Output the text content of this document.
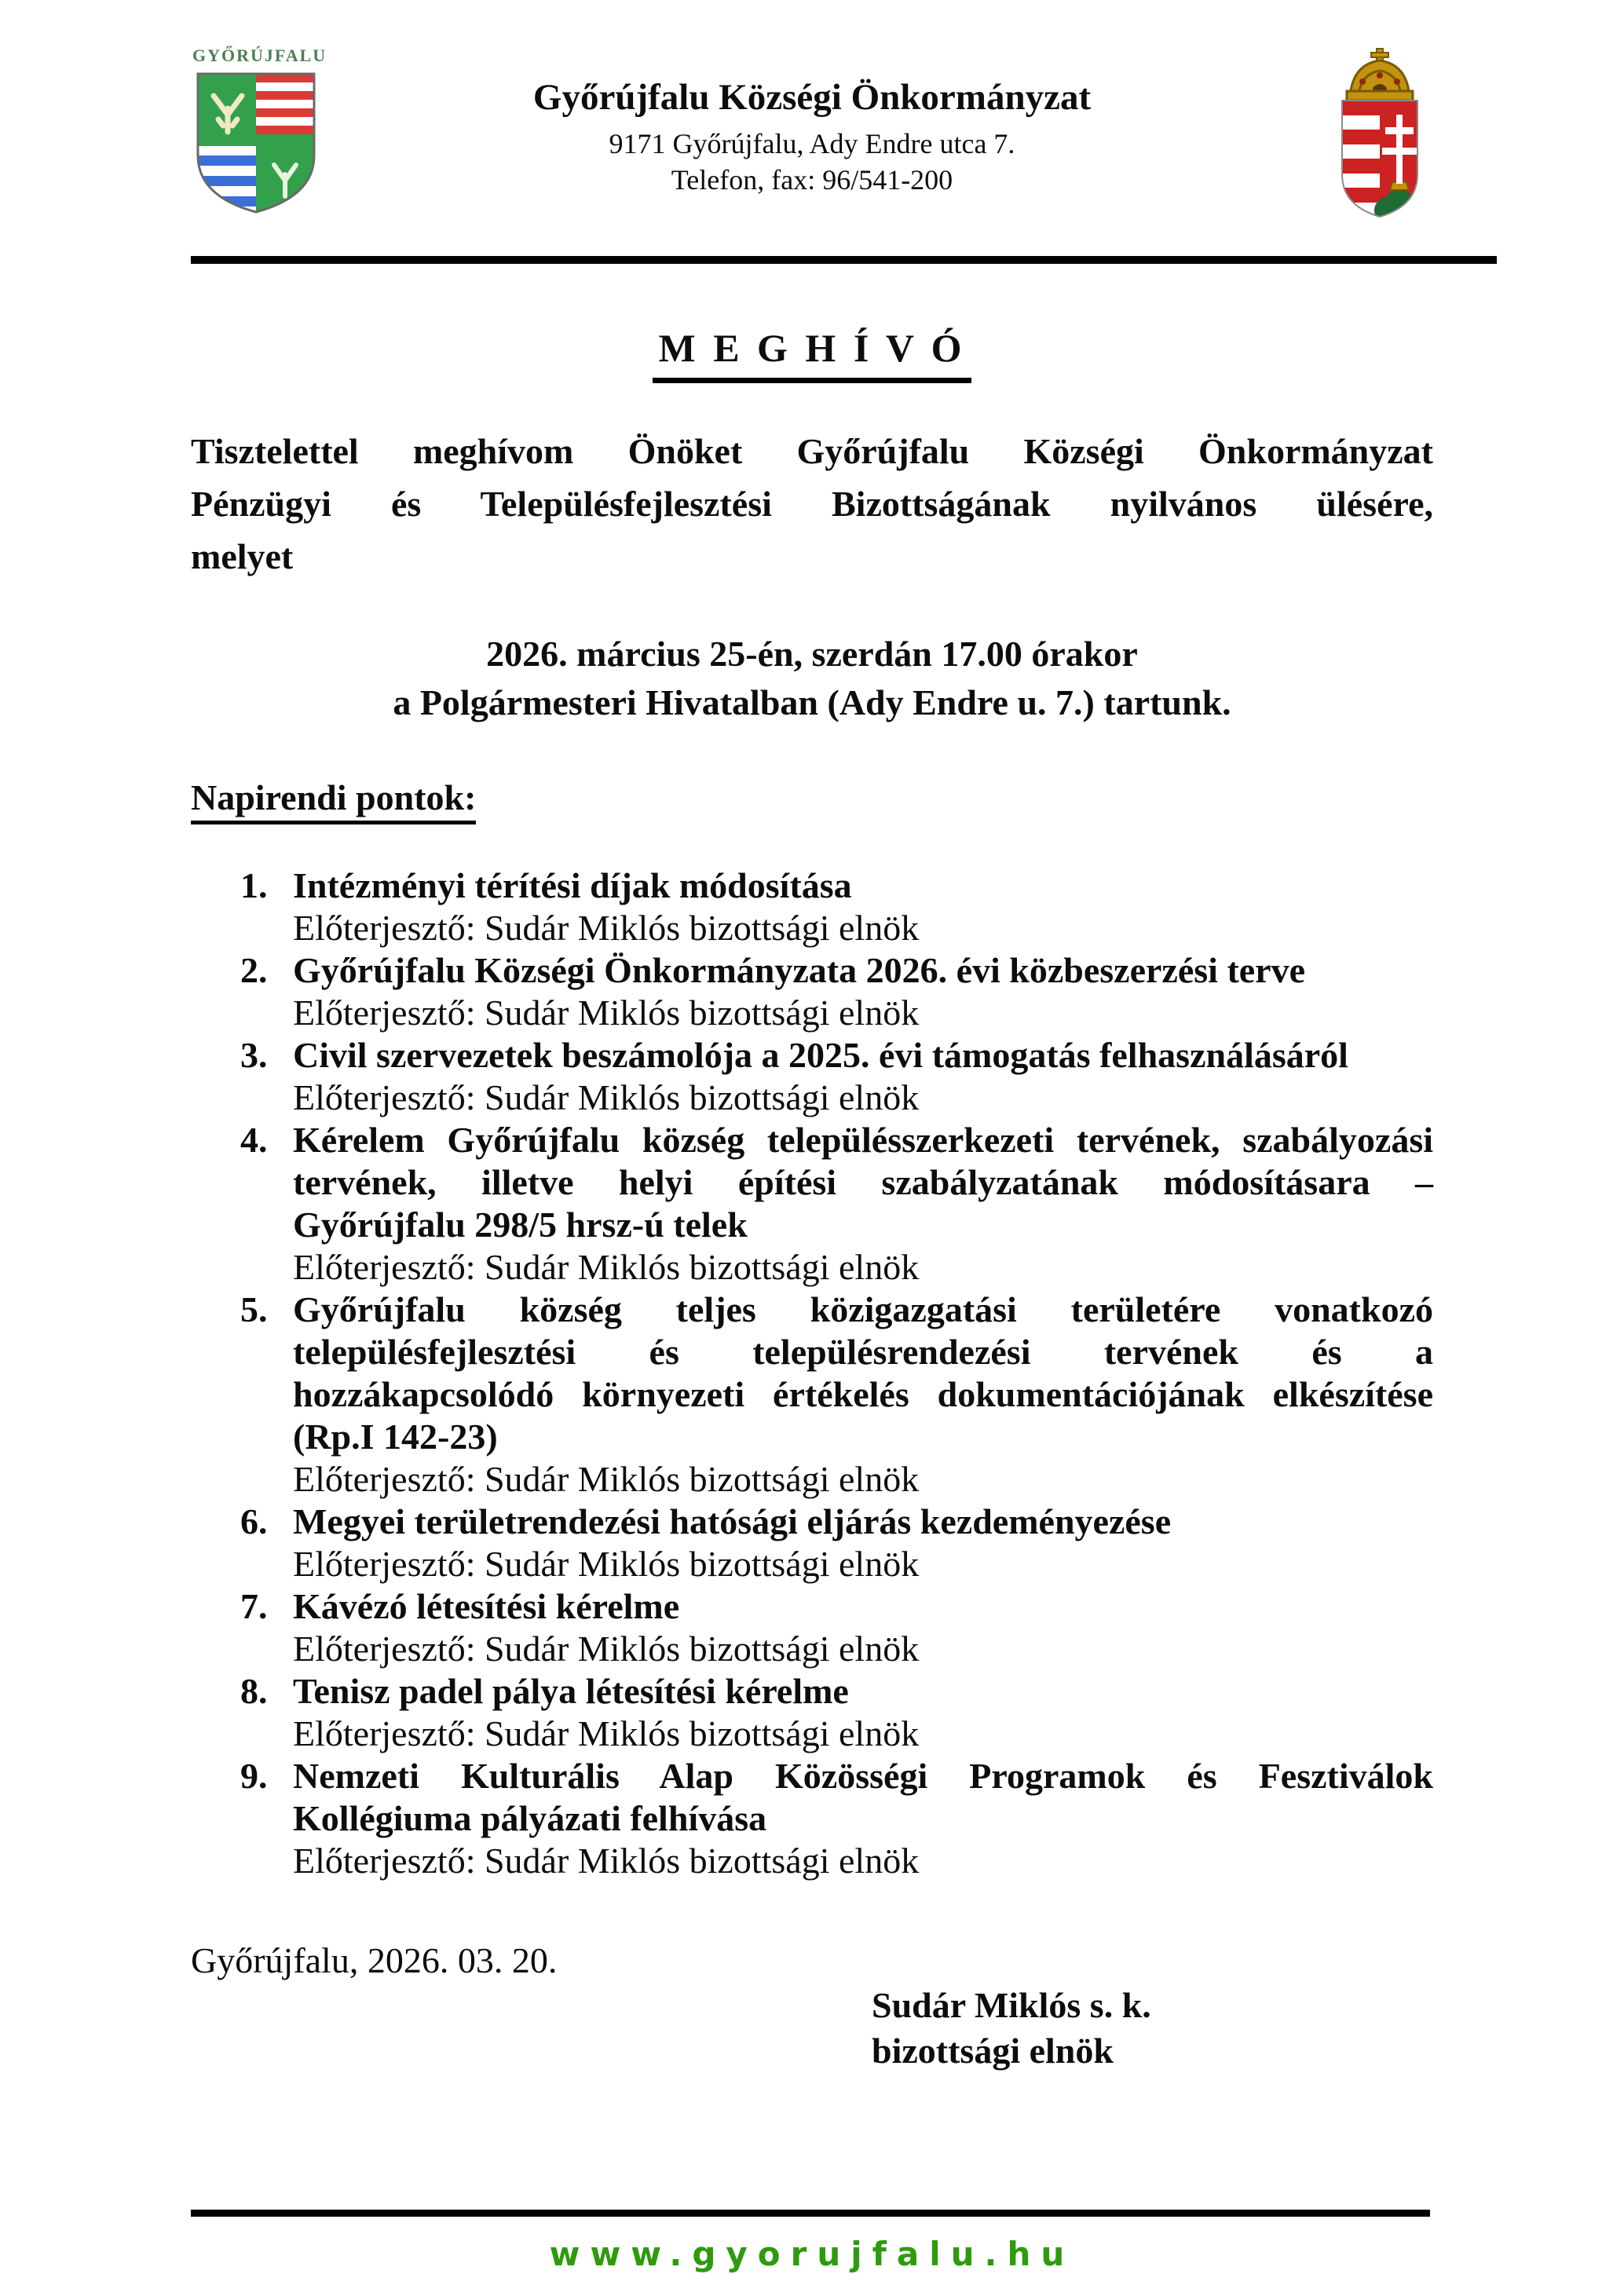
GYŐRÚJFALU
Győrújfalu Községi Önkormányzat
9171 Győrújfalu, Ady Endre utca 7.
Telefon, fax: 96/541-200
M E G H Í V Ó
Tisztelettel meghívom Önöket Győrújfalu Községi Önkormányzat
Pénzügyi és Településfejlesztési Bizottságának nyilvános ülésére,
melyet
2026. március 25-én, szerdán 17.00 órakor
a Polgármesteri Hivatalban (Ady Endre u. 7.) tartunk.
Napirendi pontok:
1. Intézményi térítési díjak módosítása
Előterjesztő: Sudár Miklós bizottsági elnök
2. Győrújfalu Községi Önkormányzata 2026. évi közbeszerzési terve
Előterjesztő: Sudár Miklós bizottsági elnök
3. Civil szervezetek beszámolója a 2025. évi támogatás felhasználásáról
Előterjesztő: Sudár Miklós bizottsági elnök
4. Kérelem Győrújfalu község településszerkezeti tervének, szabályozási
tervének, illetve helyi építési szabályzatának módosításara –
Győrújfalu 298/5 hrsz-ú telek
Előterjesztő: Sudár Miklós bizottsági elnök
5. Győrújfalu község teljes közigazgatási területére vonatkozó
településfejlesztési és településrendezési tervének és a
hozzákapcsolódó környezeti értékelés dokumentációjának elkészítése
(Rp.I 142-23)
Előterjesztő: Sudár Miklós bizottsági elnök
6. Megyei területrendezési hatósági eljárás kezdeményezése
Előterjesztő: Sudár Miklós bizottsági elnök
7. Kávézó létesítési kérelme
Előterjesztő: Sudár Miklós bizottsági elnök
8. Tenisz padel pálya létesítési kérelme
Előterjesztő: Sudár Miklós bizottsági elnök
9. Nemzeti Kulturális Alap Közösségi Programok és Fesztiválok
Kollégiuma pályázati felhívása
Előterjesztő: Sudár Miklós bizottsági elnök
Győrújfalu, 2026. 03. 20.
Sudár Miklós s. k.
bizottsági elnök
www.gyorujfalu.hu
